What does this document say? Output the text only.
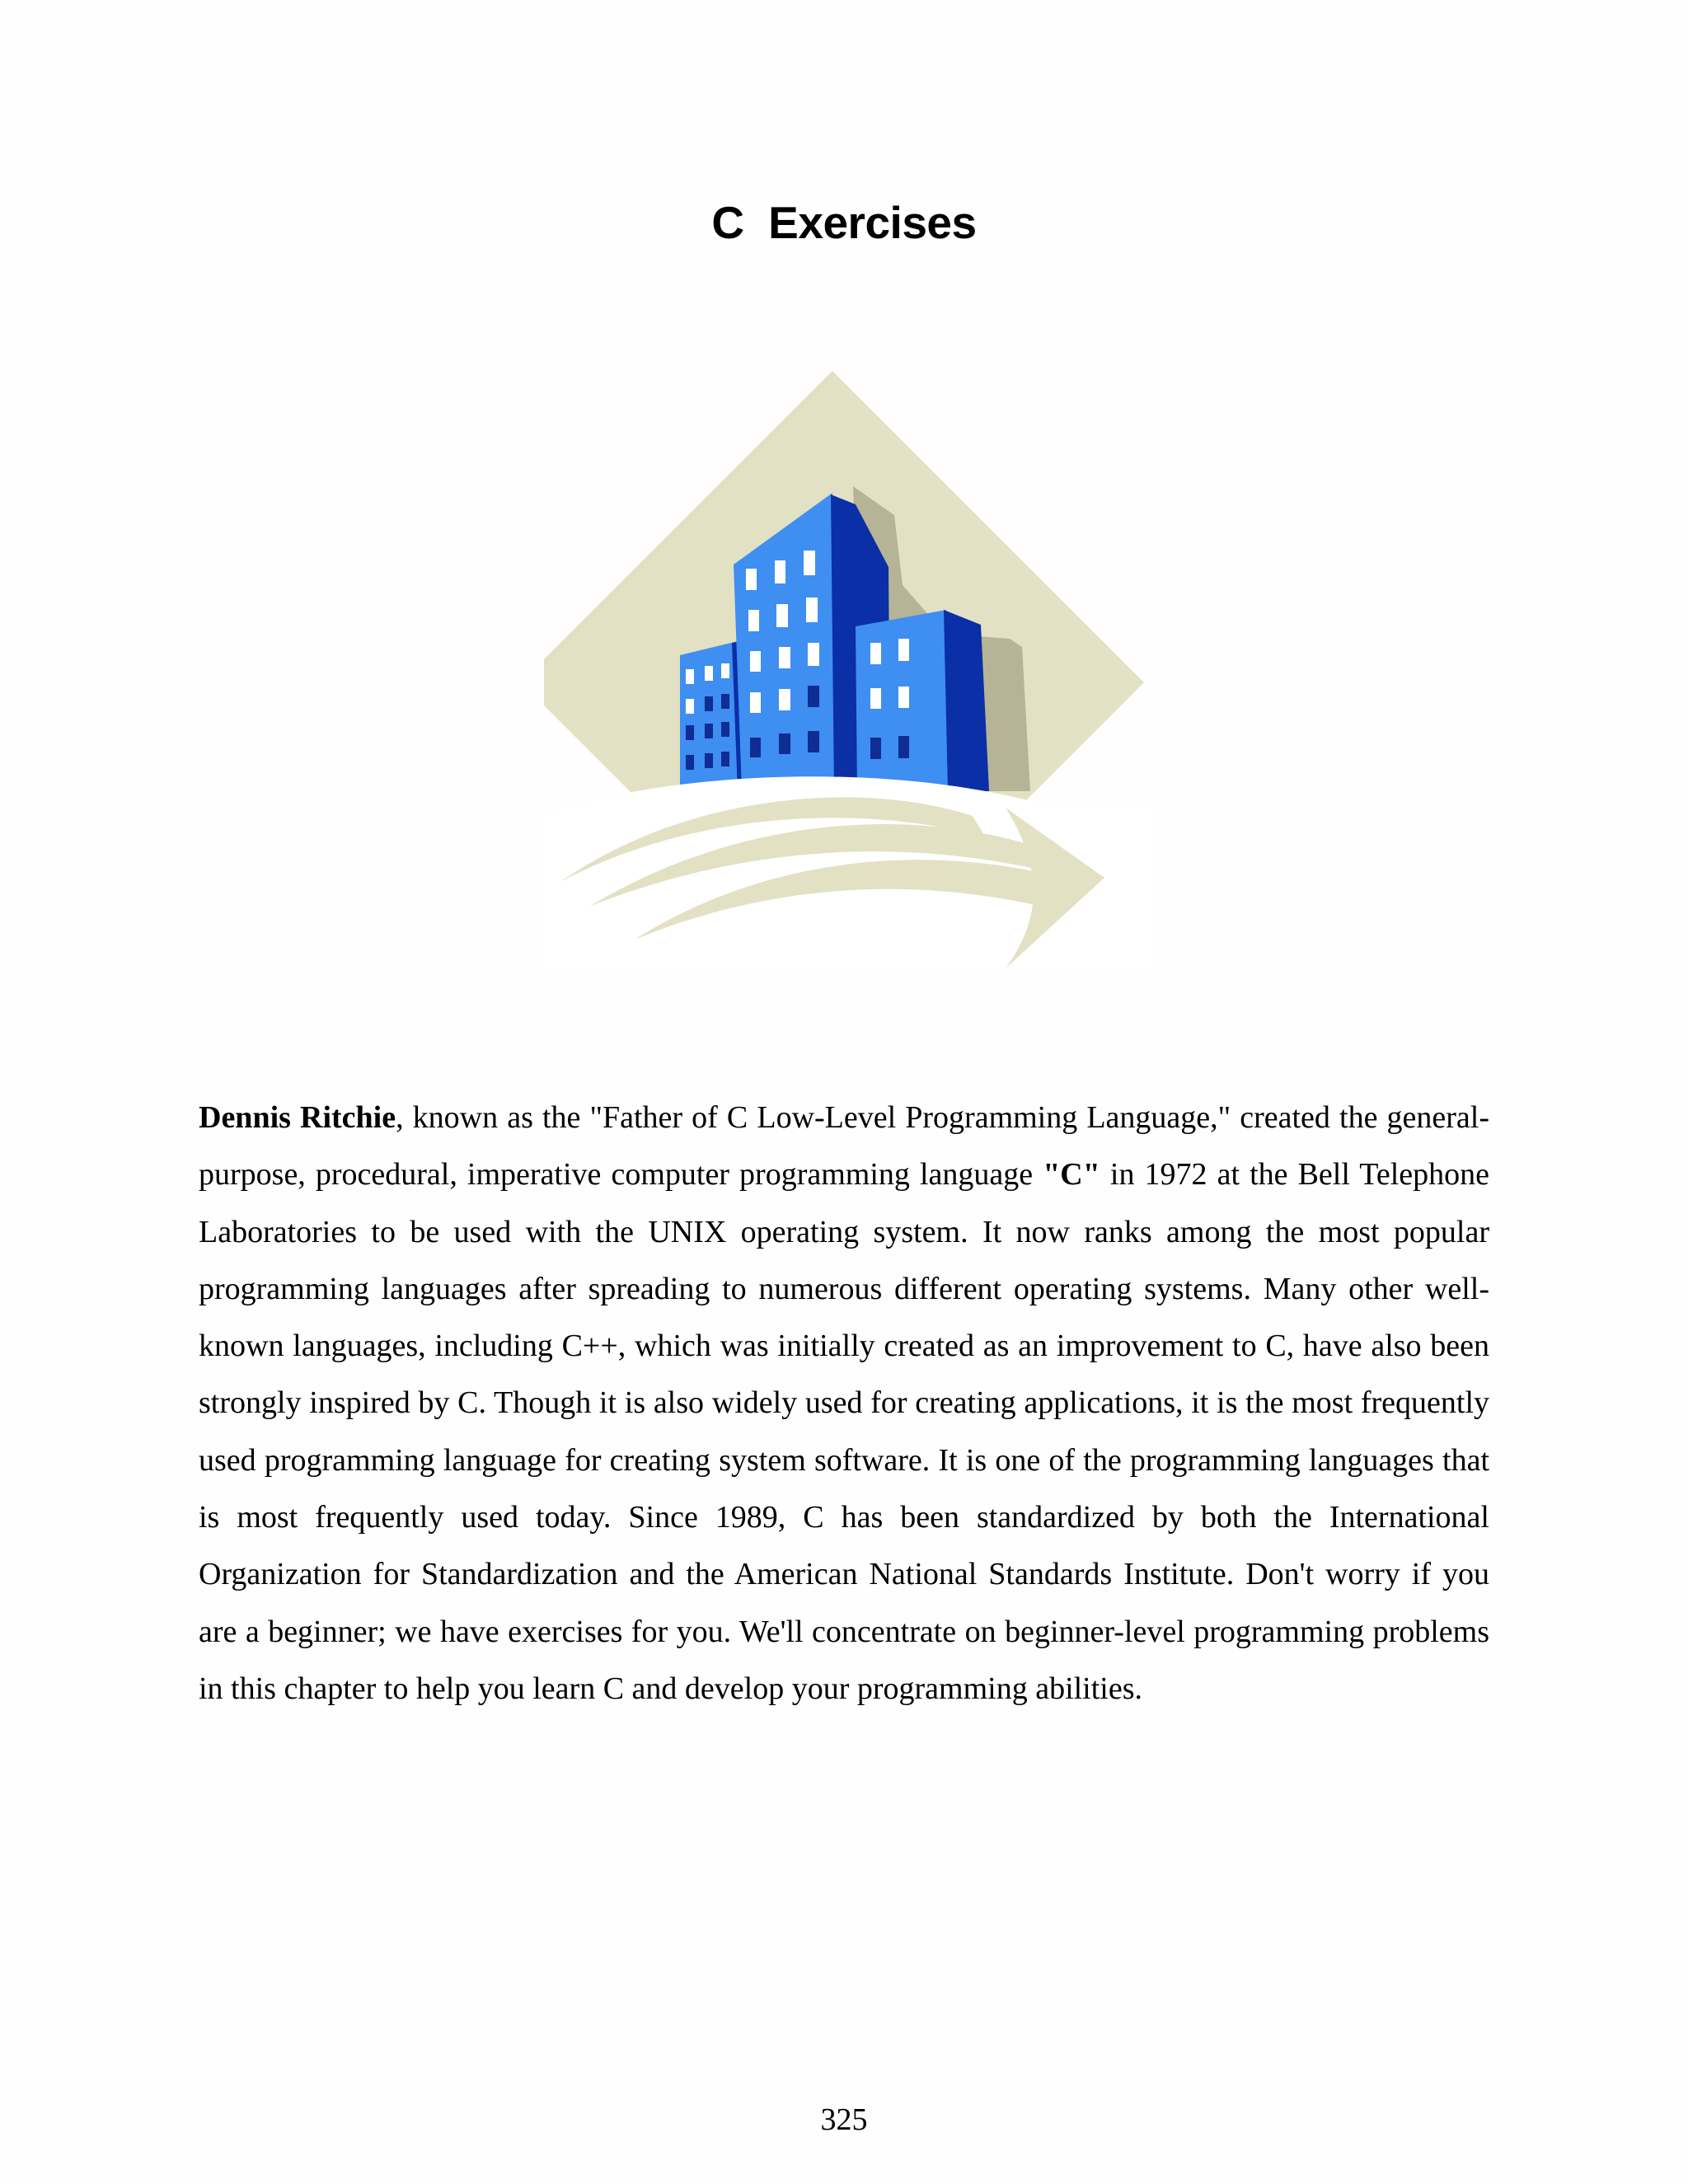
C  Exercises

Dennis Ritchie, known as the "Father of C Low-Level Programming Language," created the general-purpose, procedural, imperative computer programming language "C" in 1972 at the Bell Telephone Laboratories to be used with the UNIX operating system. It now ranks among the most popular programming languages after spreading to numerous different operating systems. Many other well-known languages, including C++, which was initially created as an improvement to C, have also been strongly inspired by C. Though it is also widely used for creating applications, it is the most frequently used programming language for creating system software. It is one of the programming languages that is most frequently used today. Since 1989, C has been standardized by both the International Organization for Standardization and the American National Standards Institute. Don't worry if you are a beginner; we have exercises for you. We'll concentrate on beginner-level programming problems in this chapter to help you learn C and develop your programming abilities.

325
